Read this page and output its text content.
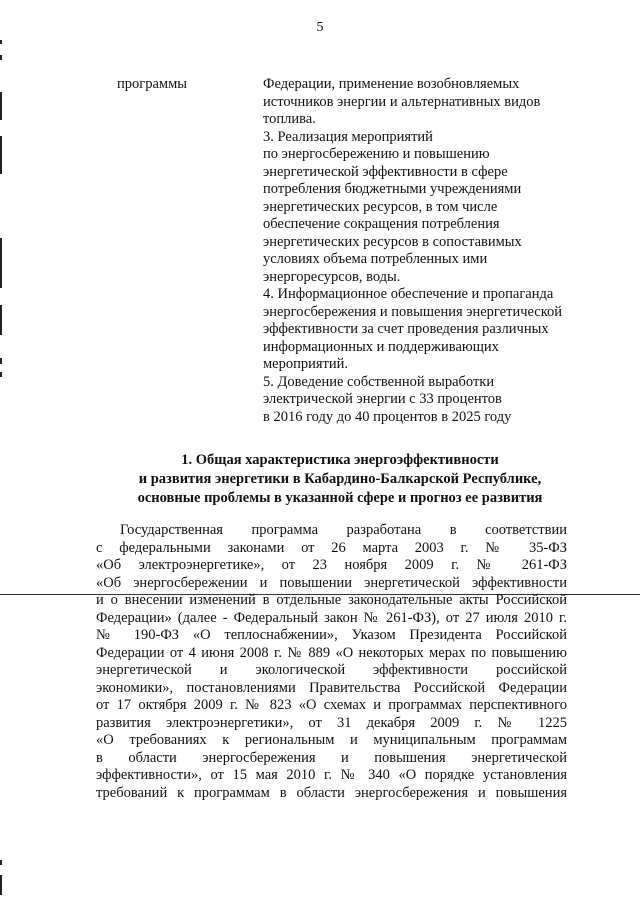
5
программы	Федерации, применение возобновляемых
источников энергии и альтернативных видов
топлива.
3. Реализация мероприятий
по энергосбережению и повышению
энергетической эффективности в сфере
потребления бюджетными учреждениями
энергетических ресурсов, в том числе
обеспечение сокращения потребления
энергетических ресурсов в сопоставимых
условиях объема потребленных ими
энергоресурсов, воды.
4. Информационное обеспечение и пропаганда
энергосбережения и повышения энергетической
эффективности за счет проведения различных
информационных и поддерживающих
мероприятий.
5. Доведение собственной выработки
электрической энергии с 33 процентов
в 2016 году до 40 процентов в 2025 году
1. Общая характеристика энергоэффективности
и развития энергетики в Кабардино-Балкарской Республике,
основные проблемы в указанной сфере и прогноз ее развития
Государственная программа разработана в соответствии
с федеральными законами от 26 марта 2003 г. № 35-ФЗ
«Об электроэнергетике», от 23 ноября 2009 г. № 261-ФЗ
«Об энергосбережении и повышении энергетической эффективности
и о внесении изменений в отдельные законодательные акты Российской
Федерации» (далее - Федеральный закон № 261-ФЗ), от 27 июля 2010 г.
№ 190-ФЗ «О теплоснабжении», Указом Президента Российской
Федерации от 4 июня 2008 г. № 889 «О некоторых мерах по повышению
энергетической и экологической эффективности российской
экономики», постановлениями Правительства Российской Федерации
от 17 октября 2009 г. № 823 «О схемах и программах перспективного
развития электроэнергетики», от 31 декабря 2009 г. № 1225
«О требованиях к региональным и муниципальным программам
в области энергосбережения и повышения энергетической
эффективности», от 15 мая 2010 г. № 340 «О порядке установления
требований к программам в области энергосбережения и повышения
